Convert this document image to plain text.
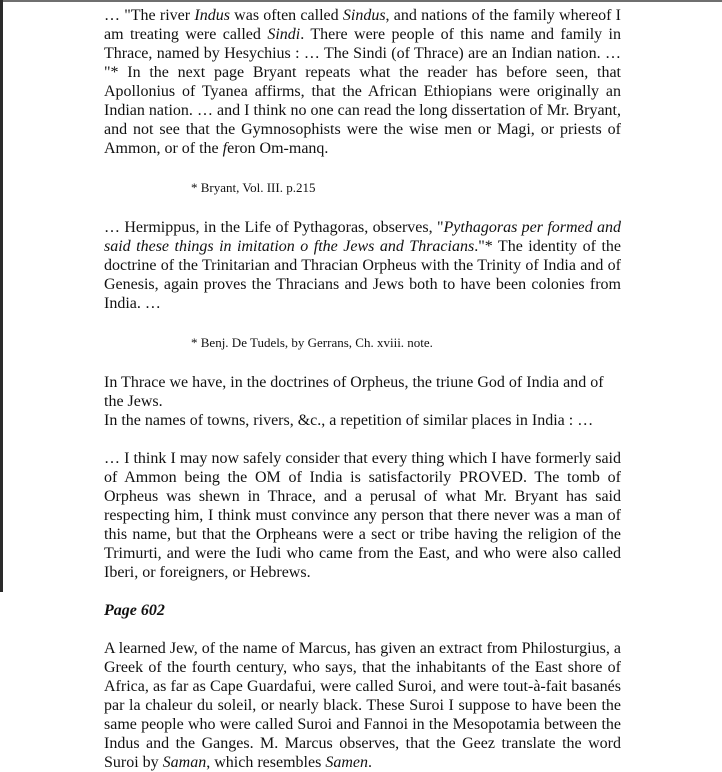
… "The river Indus was often called Sindus, and nations of the family whereof I am treating were called Sindi. There were people of this name and family in Thrace, named by Hesychius : … The Sindi (of Thrace) are an Indian nation. … "* In the next page Bryant repeats what the reader has before seen, that Apollonius of Tyanea affirms, that the African Ethiopians were originally an Indian nation. … and I think no one can read the long dissertation of Mr. Bryant, and not see that the Gymnosophists were the wise men or Magi, or priests of Ammon, or of the feron Om-manq.

* Bryant, Vol. III. p.215

… Hermippus, in the Life of Pythagoras, observes, "Pythagoras per formed and said these things in imitation o fthe Jews and Thracians."* The identity of the doctrine of the Trinitarian and Thracian Orpheus with the Trinity of India and of Genesis, again proves the Thracians and Jews both to have been colonies from India. …

* Benj. De Tudels, by Gerrans, Ch. xviii. note.

In Thrace we have, in the doctrines of Orpheus, the triune God of India and of the Jews.
In the names of towns, rivers, &c., a repetition of similar places in India : …

… I think I may now safely consider that every thing which I have formerly said of Ammon being the OM of India is satisfactorily PROVED. The tomb of Orpheus was shewn in Thrace, and a perusal of what Mr. Bryant has said respecting him, I think must convince any person that there never was a man of this name, but that the Orpheans were a sect or tribe having the religion of the Trimurti, and were the Iudi who came from the East, and who were also called Iberi, or foreigners, or Hebrews.

Page 602

A learned Jew, of the name of Marcus, has given an extract from Philosturgius, a Greek of the fourth century, who says, that the inhabitants of the East shore of Africa, as far as Cape Guardafui, were called Suroi, and were tout-à-fait basanés par la chaleur du soleil, or nearly black. These Suroi I suppose to have been the same people who were called Suroi and Fannoi in the Mesopotamia between the Indus and the Ganges. M. Marcus observes, that the Geez translate the word Suroi by Saman, which resembles Samen.
